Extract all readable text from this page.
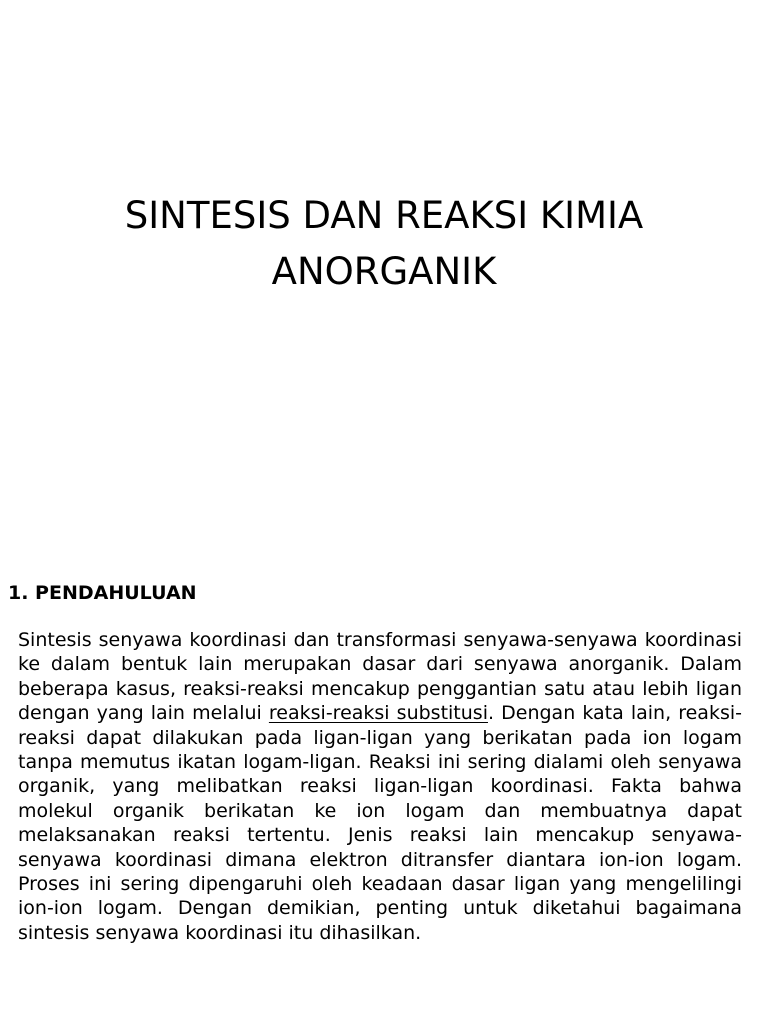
SINTESIS DAN REAKSI KIMIA
ANORGANIK
1. PENDAHULUAN

Sintesis senyawa koordinasi dan transformasi senyawa-senyawa koordinasi ke dalam bentuk lain merupakan dasar dari senyawa anorganik. Dalam beberapa kasus, reaksi-reaksi mencakup penggantian satu atau lebih ligan dengan yang lain melalui reaksi-reaksi substitusi. Dengan kata lain, reaksi-reaksi dapat dilakukan pada ligan-ligan yang berikatan pada ion logam tanpa memutus ikatan logam-ligan. Reaksi ini sering dialami oleh senyawa organik, yang melibatkan reaksi ligan-ligan koordinasi. Fakta bahwa molekul organik berikatan ke ion logam dan membuatnya dapat melaksanakan reaksi tertentu. Jenis reaksi lain mencakup senyawa-senyawa koordinasi dimana elektron ditransfer diantara ion-ion logam. Proses ini sering dipengaruhi oleh keadaan dasar ligan yang mengelilingi ion-ion logam. Dengan demikian, penting untuk diketahui bagaimana sintesis senyawa koordinasi itu dihasilkan.
